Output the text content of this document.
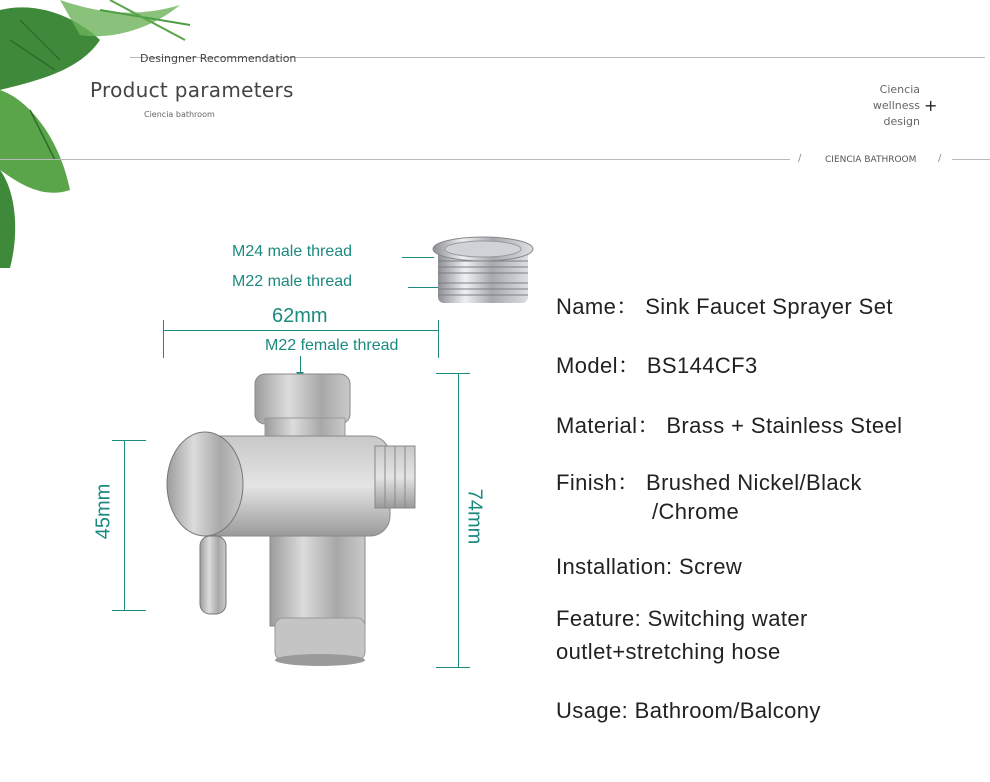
Desingner Recommendation
Product parameters
Ciencia bathroom
Ciencia
wellness
design
+
/	CIENCIA BATHROOM /
M24 male thread
M22 male thread
62mm
M22 female thread
45mm	74mm
Name： Sink Faucet Sprayer Set
Model： BS144CF3
Material： Brass + Stainless Steel
Finish： Brushed Nickel/Black
/Chrome
Installation: Screw
Feature: Switching water
outlet+stretching hose
Usage: Bathroom/Balcony
